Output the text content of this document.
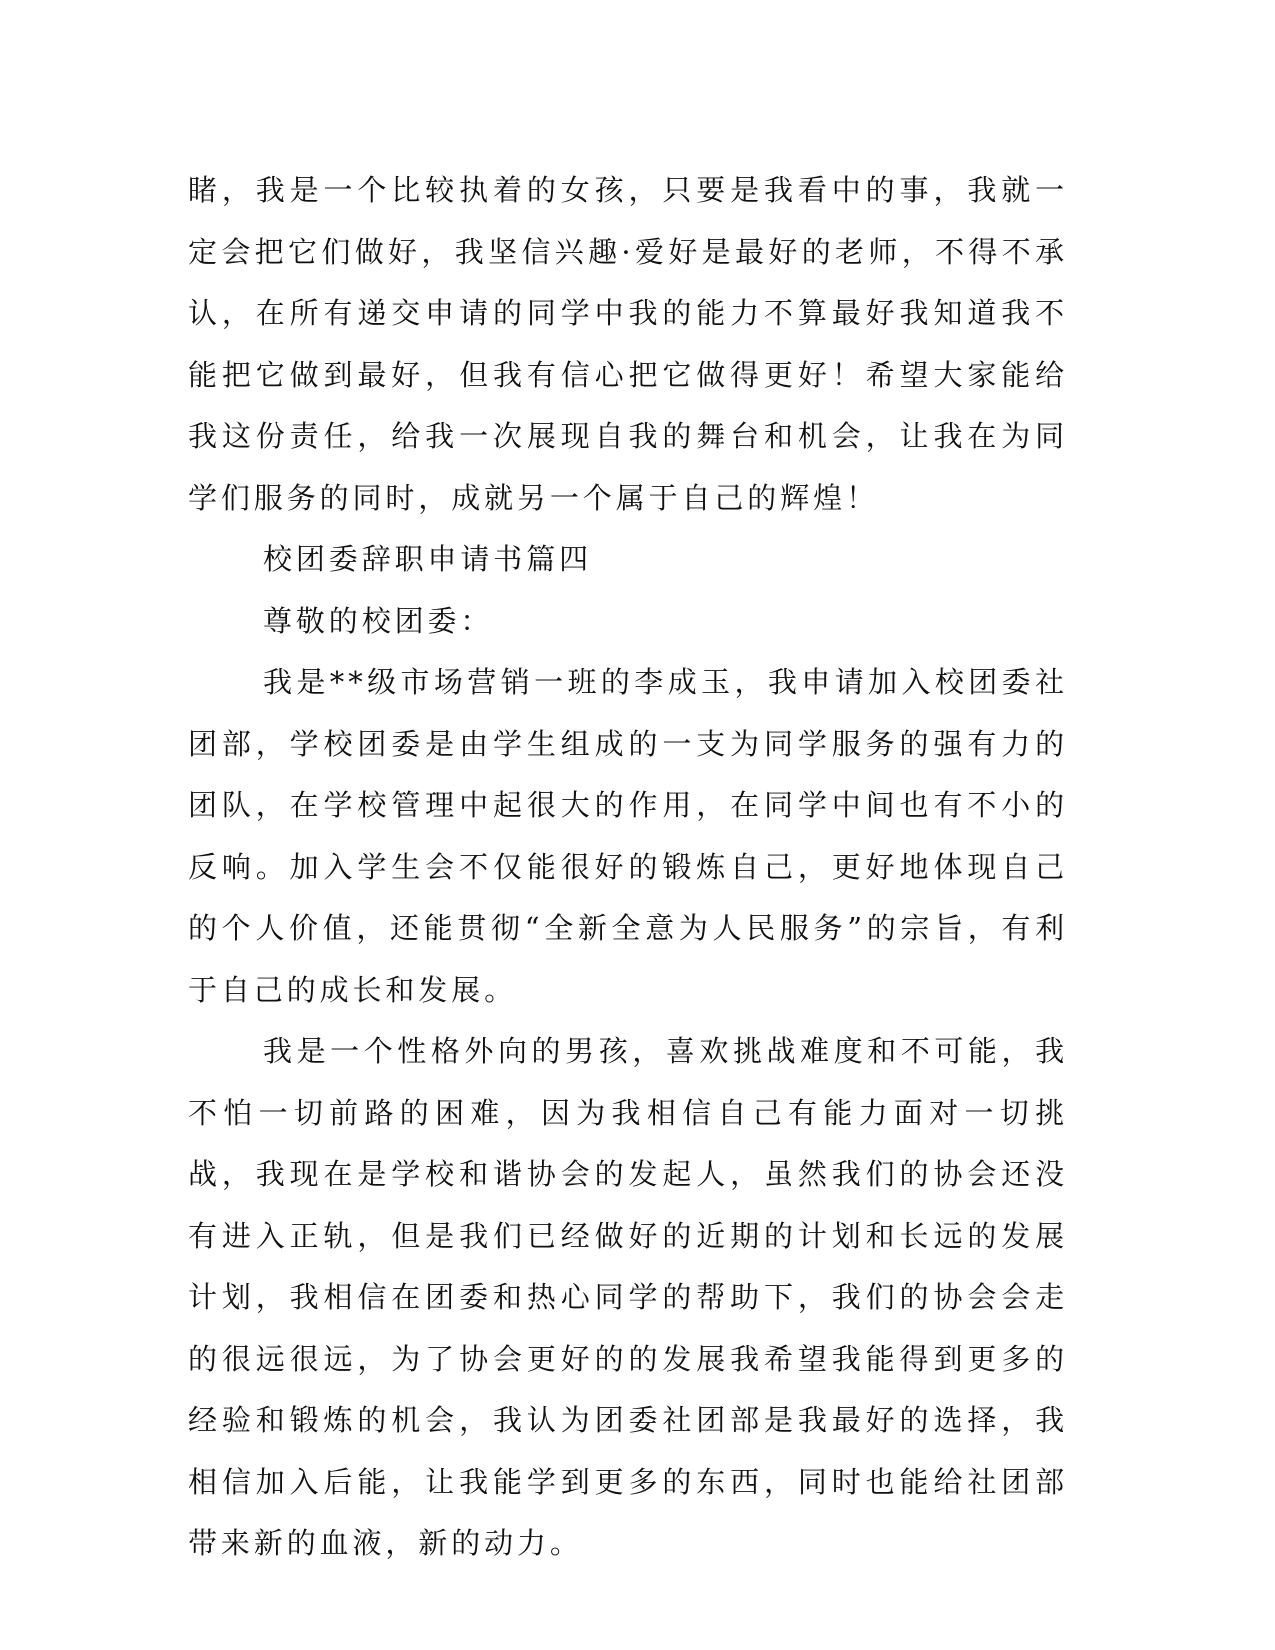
睹，我是一个比较执着的女孩，只要是我看中的事，我就一定会把它们做好，我坚信兴趣·爱好是最好的老师，不得不承认，在所有递交申请的同学中我的能力不算最好我知道我不能把它做到最好，但我有信心把它做得更好！希望大家能给我这份责任，给我一次展现自我的舞台和机会，让我在为同学们服务的同时，成就另一个属于自己的辉煌！

校团委辞职申请书篇四

尊敬的校团委：

我是**级市场营销一班的李成玉，我申请加入校团委社团部，学校团委是由学生组成的一支为同学服务的强有力的团队，在学校管理中起很大的作用，在同学中间也有不小的反响。加入学生会不仅能很好的锻炼自己，更好地体现自己的个人价值，还能贯彻“全新全意为人民服务”的宗旨，有利于自己的成长和发展。

我是一个性格外向的男孩，喜欢挑战难度和不可能，我不怕一切前路的困难，因为我相信自己有能力面对一切挑战，我现在是学校和谐协会的发起人，虽然我们的协会还没有进入正轨，但是我们已经做好的近期的计划和长远的发展计划，我相信在团委和热心同学的帮助下，我们的协会会走的很远很远，为了协会更好的的发展我希望我能得到更多的经验和锻炼的机会，我认为团委社团部是我最好的选择，我相信加入后能，让我能学到更多的东西，同时也能给社团部带来新的血液，新的动力。
